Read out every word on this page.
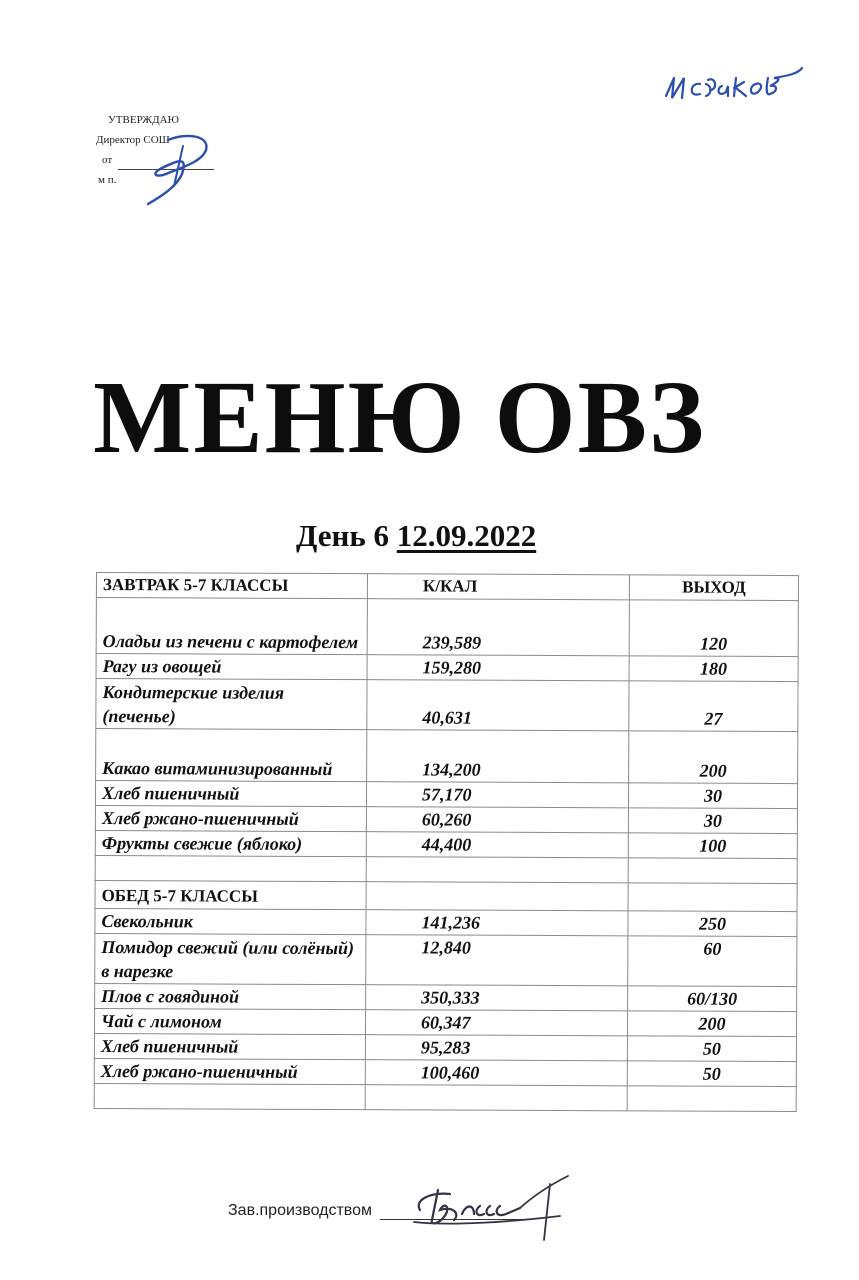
УТВЕРЖДАЮ
Директор СОШ
от
м п.
МЕНЮ ОВЗ
День 6 12.09.2022
ЗАВТРАК 5-7 КЛАССЫ	К/КАЛ	ВЫХОД
Оладьи из печени с картофелем	239,589	120
Рагу из овощей	159,280	180
Кондитерские изделия (печенье)	40,631	27
Какао витаминизированный	134,200	200
Хлеб пшеничный	57,170	30
Хлеб ржано-пшеничный	60,260	30
Фрукты свежие (яблоко)	44,400	100

ОБЕД 5-7 КЛАССЫ		
Свекольник	141,236	250
Помидор свежий (или солёный) в нарезке	12,840	60
Плов с говядиной	350,333	60/130
Чай с лимоном	60,347	200
Хлеб пшеничный	95,283	50
Хлеб ржано-пшеничный	100,460	50

Зав.производством
